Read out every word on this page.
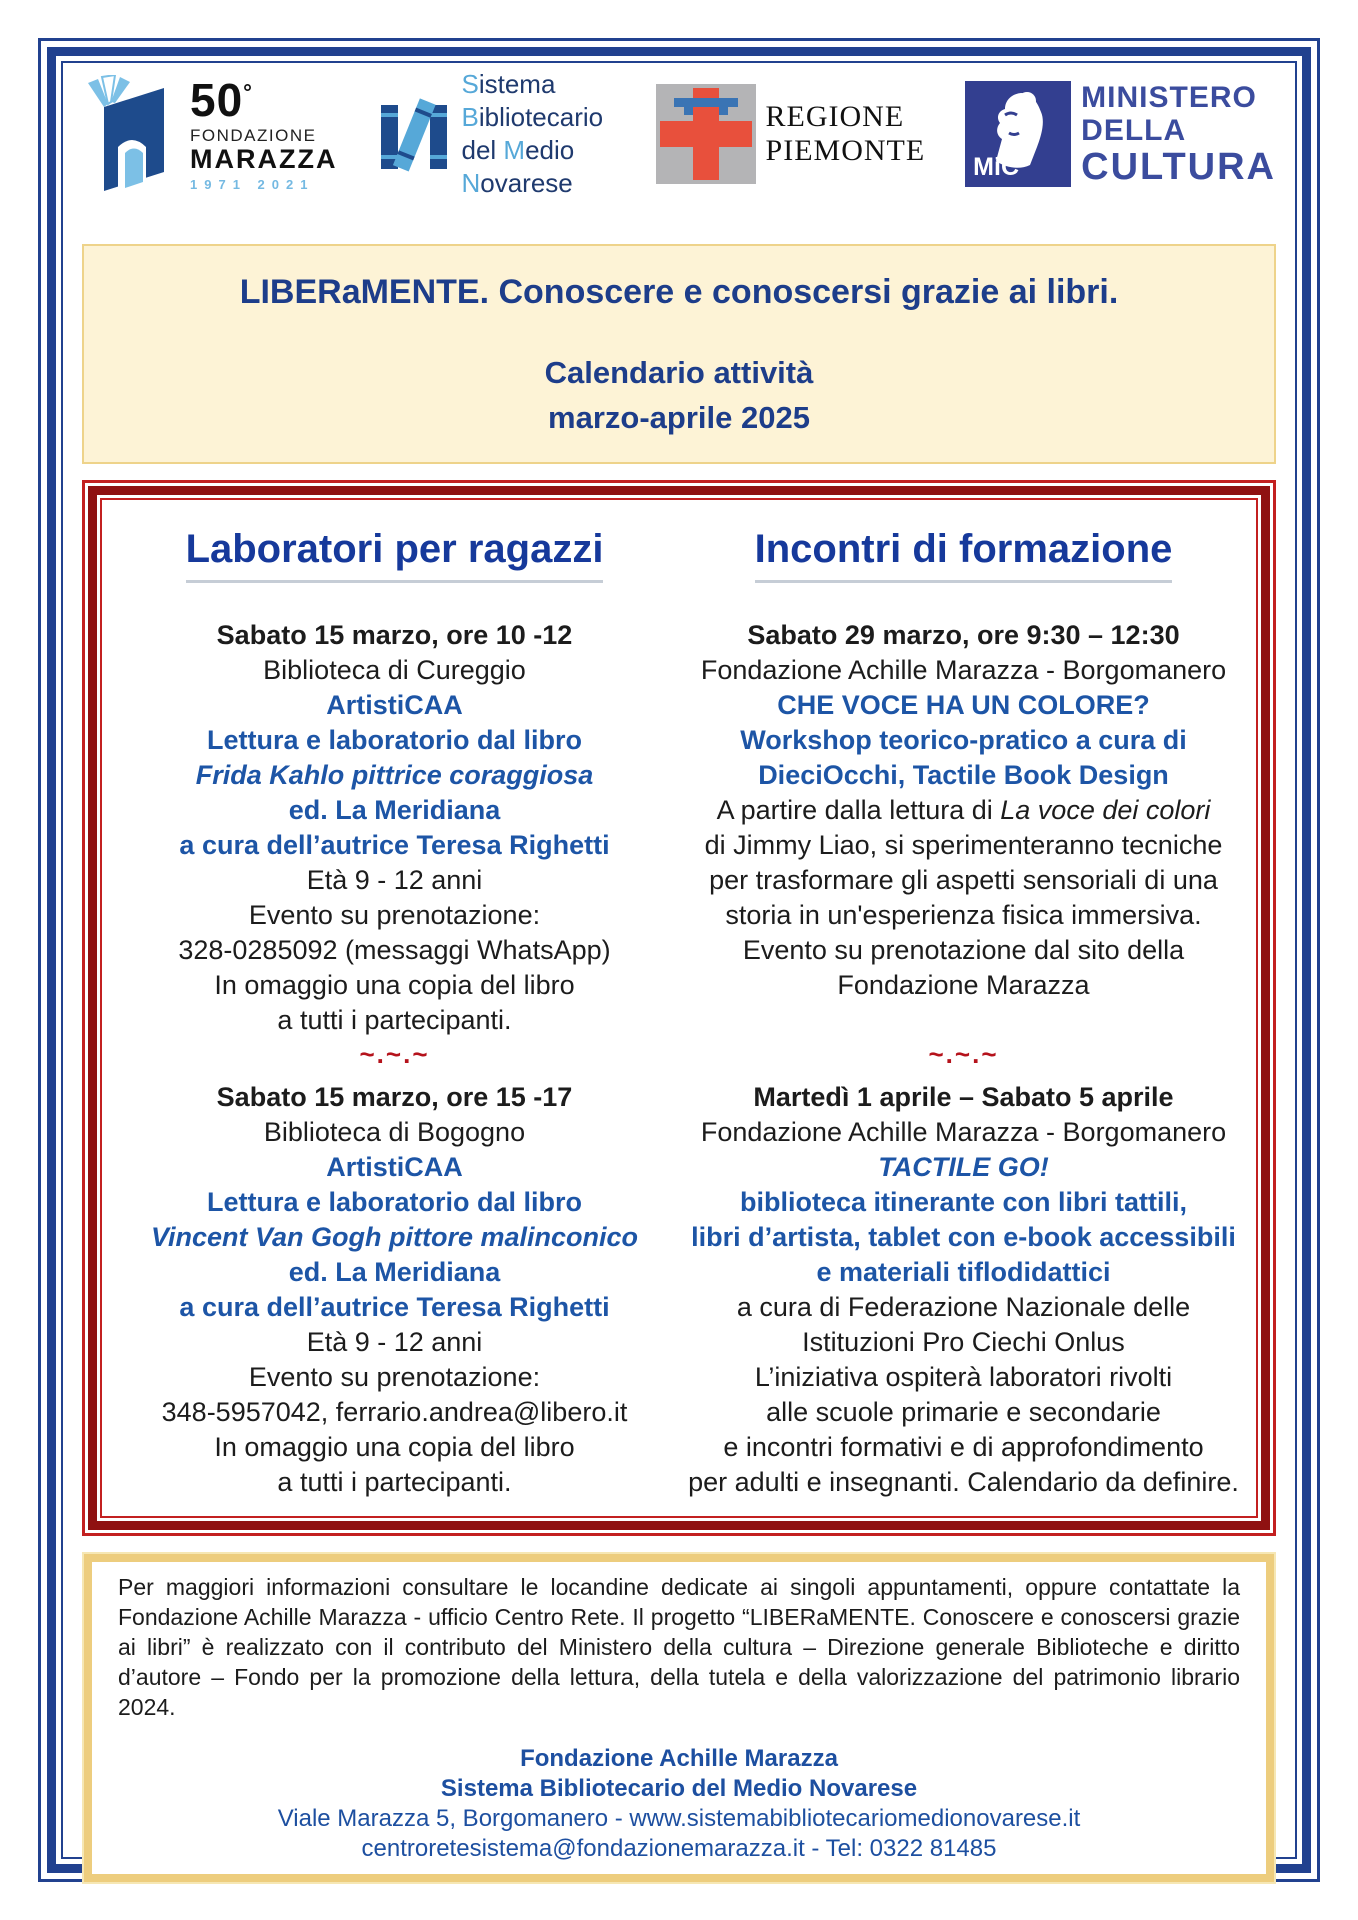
50°
FONDAZIONE
MARAZZA
1971 2021
Sistema Bibliotecario
del Medio Novarese
REGIONE
PIEMONTE MiC
MINISTERO
DELLA
CULTURA
LIBERaMENTE. Conoscere e conoscersi grazie ai libri.
Calendario attività
marzo-aprile 2025
Laboratori per ragazzi
Sabato 15 marzo, ore 10 -12
Biblioteca di Cureggio
ArtistiCAA
Lettura e laboratorio dal libro
Frida Kahlo pittrice coraggiosa
ed. La Meridiana
a cura dell’autrice Teresa Righetti
Età 9 - 12 anni
Evento su prenotazione:
328-0285092 (messaggi WhatsApp)
In omaggio una copia del libro
a tutti i partecipanti.
~.~.~
Sabato 15 marzo, ore 15 -17
Biblioteca di Bogogno
ArtistiCAA
Lettura e laboratorio dal libro
Vincent Van Gogh pittore malinconico
ed. La Meridiana
a cura dell’autrice Teresa Righetti
Età 9 - 12 anni
Evento su prenotazione:
348-5957042, ferrario.andrea@libero.it
In omaggio una copia del libro
a tutti i partecipanti.
Incontri di formazione
Sabato 29 marzo, ore 9:30 – 12:30
Fondazione Achille Marazza - Borgomanero
CHE VOCE HA UN COLORE?
Workshop teorico-pratico a cura di
DieciOcchi, Tactile Book Design
A partire dalla lettura di La voce dei colori
di Jimmy Liao, si sperimenteranno tecniche
per trasformare gli aspetti sensoriali di una
storia in un'esperienza fisica immersiva.
Evento su prenotazione dal sito della
Fondazione Marazza
~.~.~
Martedì 1 aprile – Sabato 5 aprile
Fondazione Achille Marazza - Borgomanero
TACTILE GO!
biblioteca itinerante con libri tattili,
libri d’artista, tablet con e-book accessibili
e materiali tiflodidattici
a cura di Federazione Nazionale delle
Istituzioni Pro Ciechi Onlus
L’iniziativa ospiterà laboratori rivolti
alle scuole primarie e secondarie
e incontri formativi e di approfondimento
per adulti e insegnanti. Calendario da definire.
Per maggiori informazioni consultare le locandine dedicate ai singoli appuntamenti, oppure contattate la Fondazione Achille Marazza - ufficio Centro Rete. Il progetto “LIBERaMENTE. Conoscere e conoscersi grazie ai libri” è realizzato con il contributo del Ministero della cultura – Direzione generale Biblioteche e diritto d’autore – Fondo per la promozione della lettura, della tutela e della valorizzazione del patrimonio librario 2024.
Fondazione Achille Marazza
Sistema Bibliotecario del Medio Novarese
Viale Marazza 5, Borgomanero - www.sistemabibliotecariomedionovarese.it
centroretesistema@fondazionemarazza.it - Tel: 0322 81485
